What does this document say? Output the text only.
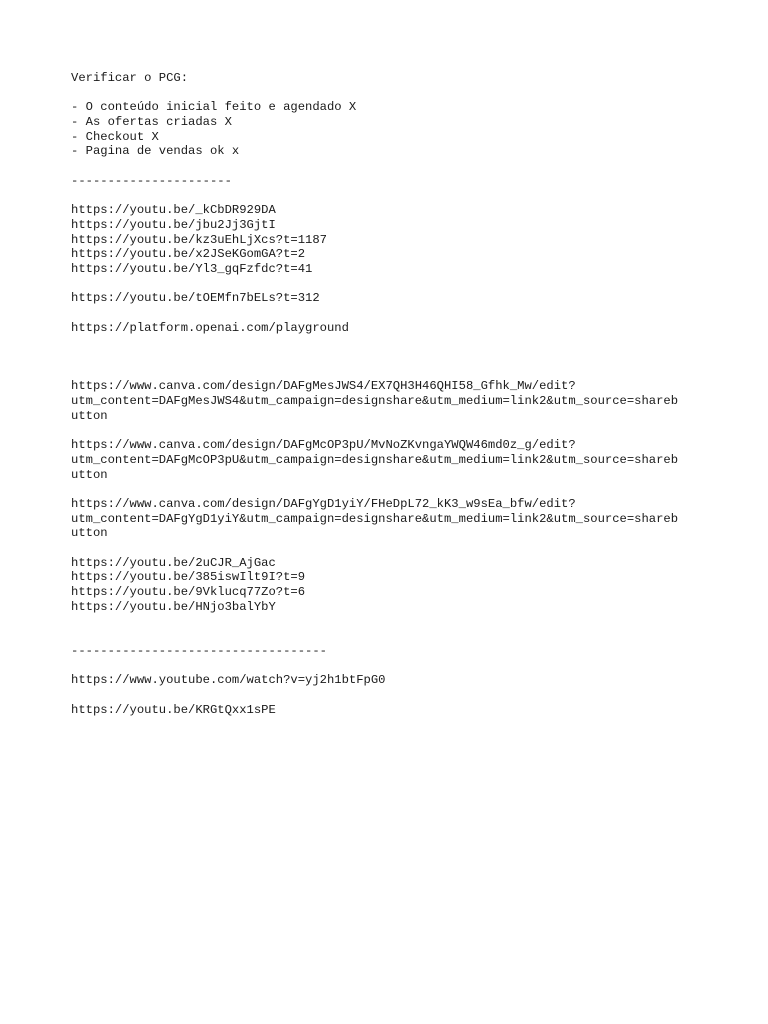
Verificar o PCG:
- O conteúdo inicial feito e agendado X
- As ofertas criadas X
- Checkout X
- Pagina de vendas ok x
----------------------
https://youtu.be/_kCbDR929DA
https://youtu.be/jbu2Jj3GjtI
https://youtu.be/kz3uEhLjXcs?t=1187
https://youtu.be/x2JSeKGomGA?t=2
https://youtu.be/Yl3_gqFzfdc?t=41
https://youtu.be/tOEMfn7bELs?t=312
https://platform.openai.com/playground
https://www.canva.com/design/DAFgMesJWS4/EX7QH3H46QHI58_Gfhk_Mw/edit?
utm_content=DAFgMesJWS4&utm_campaign=designshare&utm_medium=link2&utm_source=shareb
utton
https://www.canva.com/design/DAFgMcOP3pU/MvNoZKvngaYWQW46md0z_g/edit?
utm_content=DAFgMcOP3pU&utm_campaign=designshare&utm_medium=link2&utm_source=shareb
utton
https://www.canva.com/design/DAFgYgD1yiY/FHeDpL72_kK3_w9sEa_bfw/edit?
utm_content=DAFgYgD1yiY&utm_campaign=designshare&utm_medium=link2&utm_source=shareb
utton
https://youtu.be/2uCJR_AjGac
https://youtu.be/385iswIlt9I?t=9
https://youtu.be/9Vklucq77Zo?t=6
https://youtu.be/HNjo3balYbY
-----------------------------------
https://www.youtube.com/watch?v=yj2h1btFpG0
https://youtu.be/KRGtQxx1sPE
